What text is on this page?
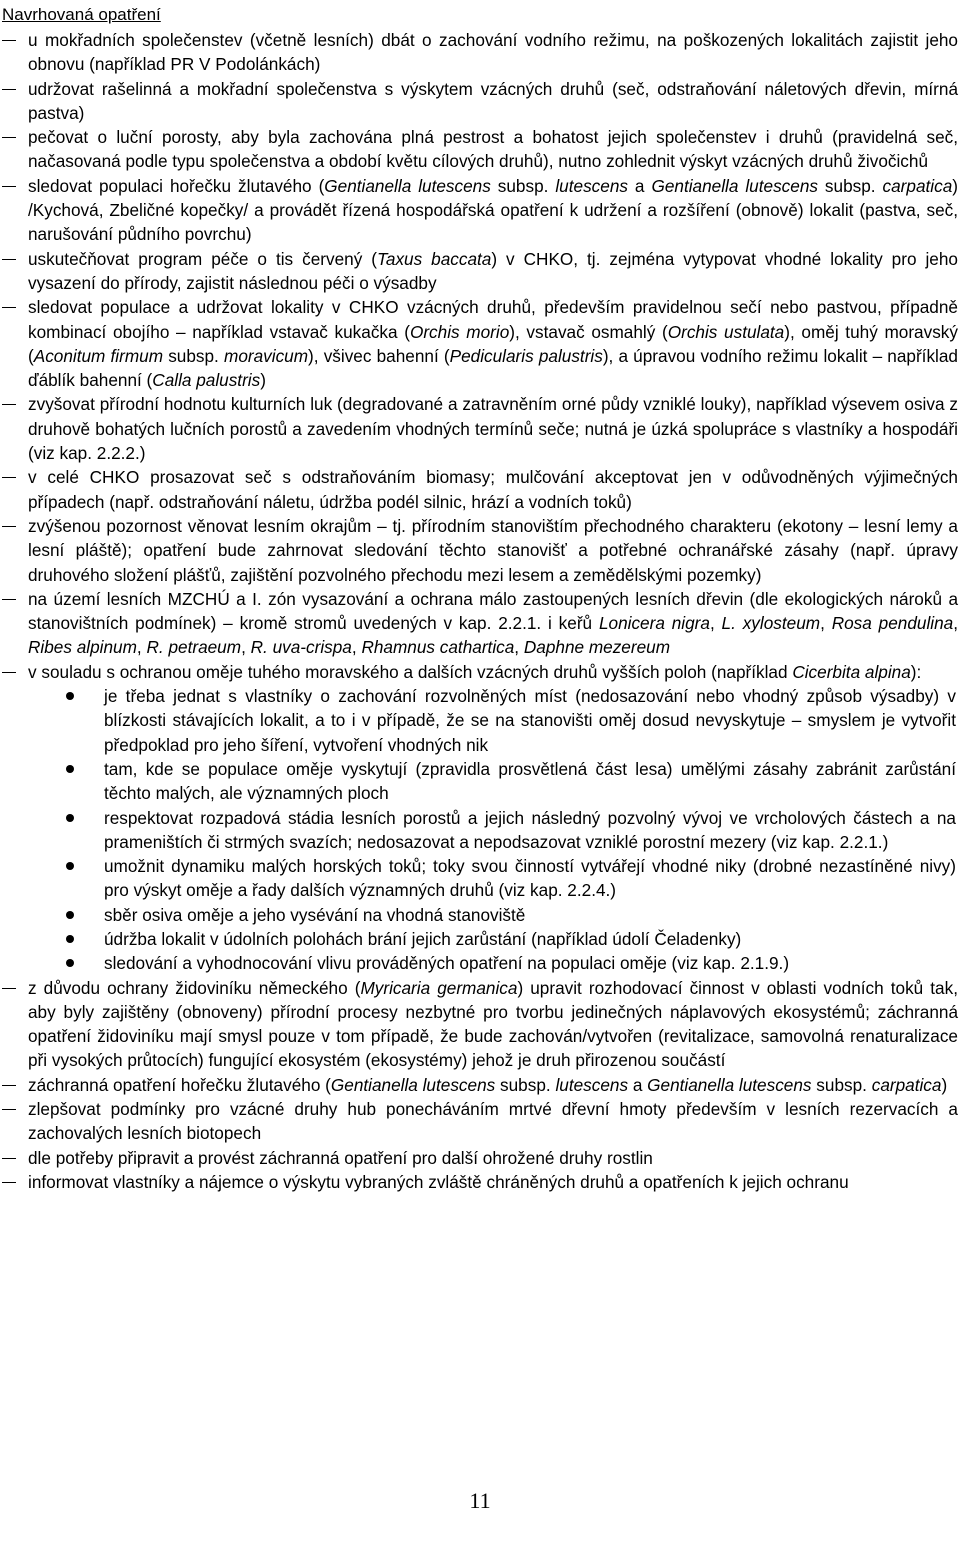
Navrhovaná opatření
u mokřadních společenstev (včetně lesních) dbát o zachování vodního režimu, na poškozených lokalitách zajistit jeho obnovu (například PR V Podolánkách)
udržovat rašelinná a mokřadní společenstva s výskytem vzácných druhů (seč, odstraňování náletových dřevin, mírná pastva)
pečovat o luční porosty, aby byla zachována plná pestrost a bohatost jejich společenstev i druhů (pravidelná seč, načasovaná podle typu společenstva a období květu cílových druhů), nutno zohlednit výskyt vzácných druhů živočichů
sledovat populaci hořečku žlutavého (Gentianella lutescens subsp. lutescens a Gentianella lutescens subsp. carpatica) /Kychová, Zbeličné kopečky/ a provádět řízená hospodářská opatření k udržení a rozšíření (obnově) lokalit (pastva, seč, narušování půdního povrchu)
uskutečňovat program péče o tis červený (Taxus baccata) v CHKO, tj. zejména vytypovat vhodné lokality pro jeho vysazení do přírody, zajistit následnou péči o výsadby
sledovat populace a udržovat lokality v CHKO vzácných druhů, především pravidelnou sečí nebo pastvou, případně kombinací obojího – například vstavač kukačka (Orchis morio), vstavač osmahlý (Orchis ustulata), oměj tuhý moravský (Aconitum firmum subsp. moravicum), všivec bahenní (Pedicularis palustris), a úpravou vodního režimu lokalit – například ďáblík bahenní (Calla palustris)
zvyšovat přírodní hodnotu kulturních luk (degradované a zatravněním orné půdy vzniklé louky), například výsevem osiva z druhově bohatých lučních porostů a zavedením vhodných termínů seče; nutná je úzká spolupráce s vlastníky a hospodáři (viz kap. 2.2.2.)
v celé CHKO prosazovat seč s odstraňováním biomasy; mulčování akceptovat jen v odůvodněných výjimečných případech (např. odstraňování náletu, údržba podél silnic, hrází a vodních toků)
zvýšenou pozornost věnovat lesním okrajům – tj. přírodním stanovištím přechodného charakteru (ekotony – lesní lemy a lesní pláště); opatření bude zahrnovat sledování těchto stanovišť a potřebné ochranářské zásahy (např. úpravy druhového složení plášťů, zajištění pozvolného přechodu mezi lesem a zemědělskými pozemky)
na území lesních MZCHÚ a I. zón vysazování a ochrana málo zastoupených lesních dřevin (dle ekologických nároků a stanovištních podmínek) – kromě stromů uvedených v kap. 2.2.1. i keřů Lonicera nigra, L. xylosteum, Rosa pendulina, Ribes alpinum, R. petraeum, R. uva-crispa, Rhamnus cathartica, Daphne mezereum
v souladu s ochranou oměje tuhého moravského a dalších vzácných druhů vyšších poloh (například Cicerbita alpina):
je třeba jednat s vlastníky o zachování rozvolněných míst (nedosazování nebo vhodný způsob výsadby) v blízkosti stávajících lokalit, a to i v případě, že se na stanovišti oměj dosud nevyskytuje – smyslem je vytvořit předpoklad pro jeho šíření, vytvoření vhodných nik
tam, kde se populace oměje vyskytují (zpravidla prosvětlená část lesa) umělými zásahy zabránit zarůstání těchto malých, ale významných ploch
respektovat rozpadová stádia lesních porostů a jejich následný pozvolný vývoj ve vrcholových částech a na prameništích či strmých svazích; nedosazovat a nepodsazovat vzniklé porostní mezery (viz kap. 2.2.1.)
umožnit dynamiku malých horských toků; toky svou činností vytvářejí vhodné niky (drobné nezastíněné nivy) pro výskyt oměje a řady dalších významných druhů (viz kap. 2.2.4.)
sběr osiva oměje a jeho vysévání na vhodná stanoviště
údržba lokalit v údolních polohách brání jejich zarůstání (například údolí Čeladenky)
sledování a vyhodnocování vlivu prováděných opatření na populaci oměje (viz kap. 2.1.9.)
z důvodu ochrany židoviníku německého (Myricaria germanica) upravit rozhodovací činnost v oblasti vodních toků tak, aby byly zajištěny (obnoveny) přírodní procesy nezbytné pro tvorbu jedinečných náplavových ekosystémů; záchranná opatření židoviníku mají smysl pouze v tom případě, že bude zachován/vytvořen (revitalizace, samovolná renaturalizace při vysokých průtocích) fungující ekosystém (ekosystémy) jehož je druh přirozenou součástí
záchranná opatření hořečku žlutavého (Gentianella lutescens subsp. lutescens a Gentianella lutescens subsp. carpatica)
zlepšovat podmínky pro vzácné druhy hub ponecháváním mrtvé dřevní hmoty především v lesních rezervacích a zachovalých lesních biotopech
dle potřeby připravit a provést záchranná opatření pro další ohrožené druhy rostlin
informovat vlastníky a nájemce o výskytu vybraných zvláště chráněných druhů a opatřeních k jejich ochranu
11
